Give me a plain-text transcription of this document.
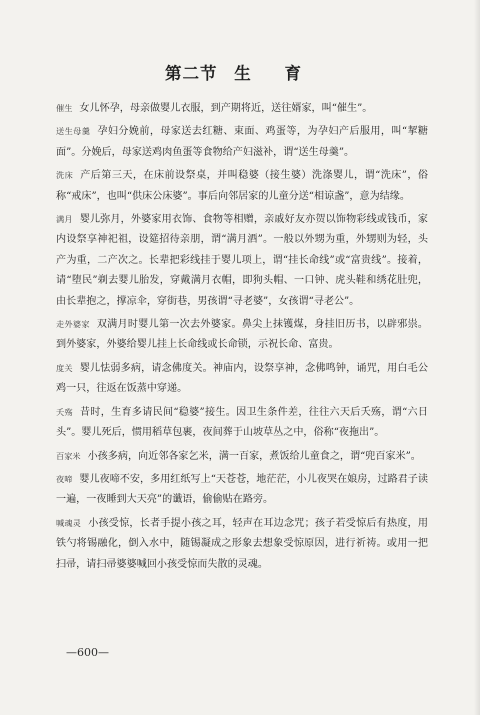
第二节 生 育

催生 女儿怀孕，母亲做婴儿衣服，到产期将近，送往婿家，叫“催生”。

送生母羹 孕妇分娩前，母家送去红糖、束面、鸡蛋等，为孕妇产后服用，叫“挈糖面”。分娩后，母家送鸡肉鱼蛋等食物给产妇滋补，谓“送生母羹”。

洗床 产后第三天，在床前设祭桌，并叫稳婆（接生婆）洗涤婴儿，谓“洗床”，俗称“戒床”，也叫“供床公床婆”。事后向邻居家的儿童分送“相谅盏”，意为结缘。

满月 婴儿弥月，外婆家用衣饰、食物等相赠，亲戚好友亦贺以饰物彩线或钱币，家内设祭享神祀祖，设筵招待亲朋，谓“满月酒”。一般以外甥为重，外甥则为轻，头产为重，二产次之。长辈把彩线挂于婴儿项上，谓“挂长命线”或“富贵线”。接着，请“堕民”剃去婴儿胎发，穿戴满月衣帽，即狗头帽、一口钟、虎头鞋和绣花肚兜，由长辈抱之，撑凉伞，穿街巷，男孩谓“寻老婆”，女孩谓“寻老公”。

走外婆家 双满月时婴儿第一次去外婆家。鼻尖上抹镬煤，身挂旧历书，以辟邪祟。到外婆家，外婆给婴儿挂上长命线或长命锁，示祝长命、富贵。

度关 婴儿怯弱多病，请念佛度关。神庙内，设祭享神，念佛鸣钟，诵咒，用白毛公鸡一只，往返在饭蒸中穿递。

夭殇 昔时，生育多请民间“稳婆”接生。因卫生条件差，往往六天后夭殇，谓“六日头”。婴儿死后，惯用稻草包裹，夜间葬于山坡草丛之中，俗称“夜拖出”。

百家米 小孩多病，向近邻各家乞米，满一百家，煮饭给儿童食之，谓“兜百家米”。

夜啼 婴儿夜啼不安，多用红纸写上“天苍苍，地茫茫，小儿夜哭在娘房，过路君子读一遍，一夜睡到大天亮”的谶语，偷偷贴在路旁。

喊魂灵 小孩受惊，长者手提小孩之耳，轻声在耳边念咒；孩子若受惊后有热度，用铁勺将锡融化，倒入水中，随锡凝成之形象去想象受惊原因，进行祈祷。或用一把扫帚，请扫帚婆婆喊回小孩受惊而失散的灵魂。

—600—
